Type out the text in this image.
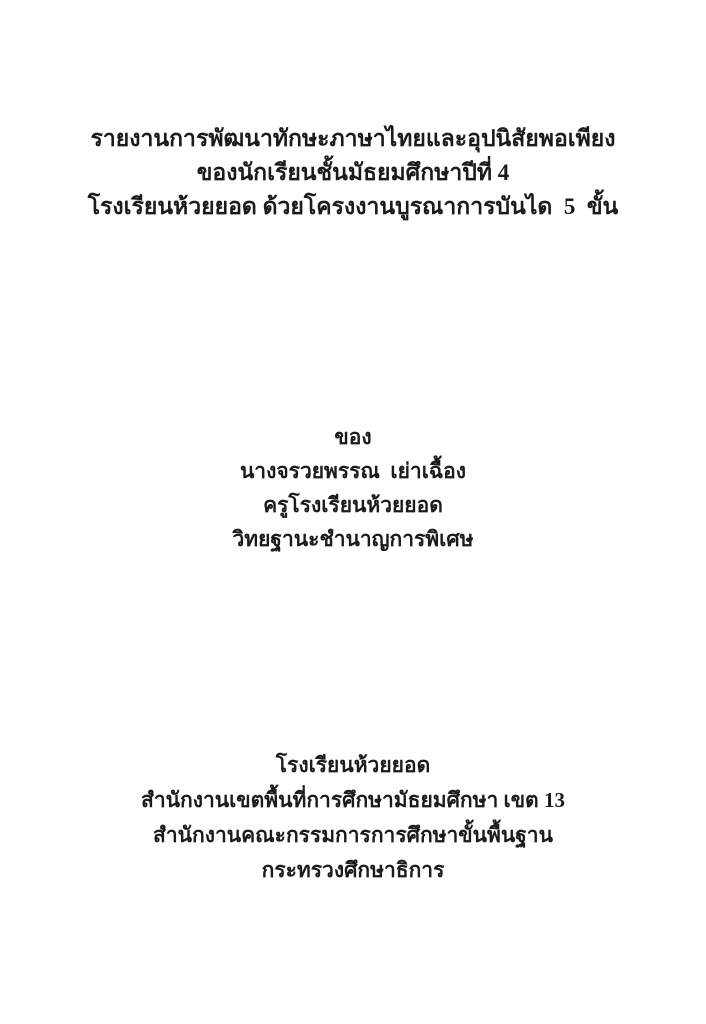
รายงานการพัฒนาทักษะภาษาไทยและอุปนิสัยพอเพียง
ของนักเรียนชั้นมัธยมศึกษาปีที่ 4
โรงเรียนห้วยยอด ด้วยโครงงานบูรณาการบันได  5  ขั้น
ของ
นางจรวยพรรณ  เย่าเฉื้อง
ครูโรงเรียนห้วยยอด
วิทยฐานะชำนาญการพิเศษ
โรงเรียนห้วยยอด
สำนักงานเขตพื้นที่การศึกษามัธยมศึกษา เขต 13
สำนักงานคณะกรรมการการศึกษาขั้นพื้นฐาน
กระทรวงศึกษาธิการ
